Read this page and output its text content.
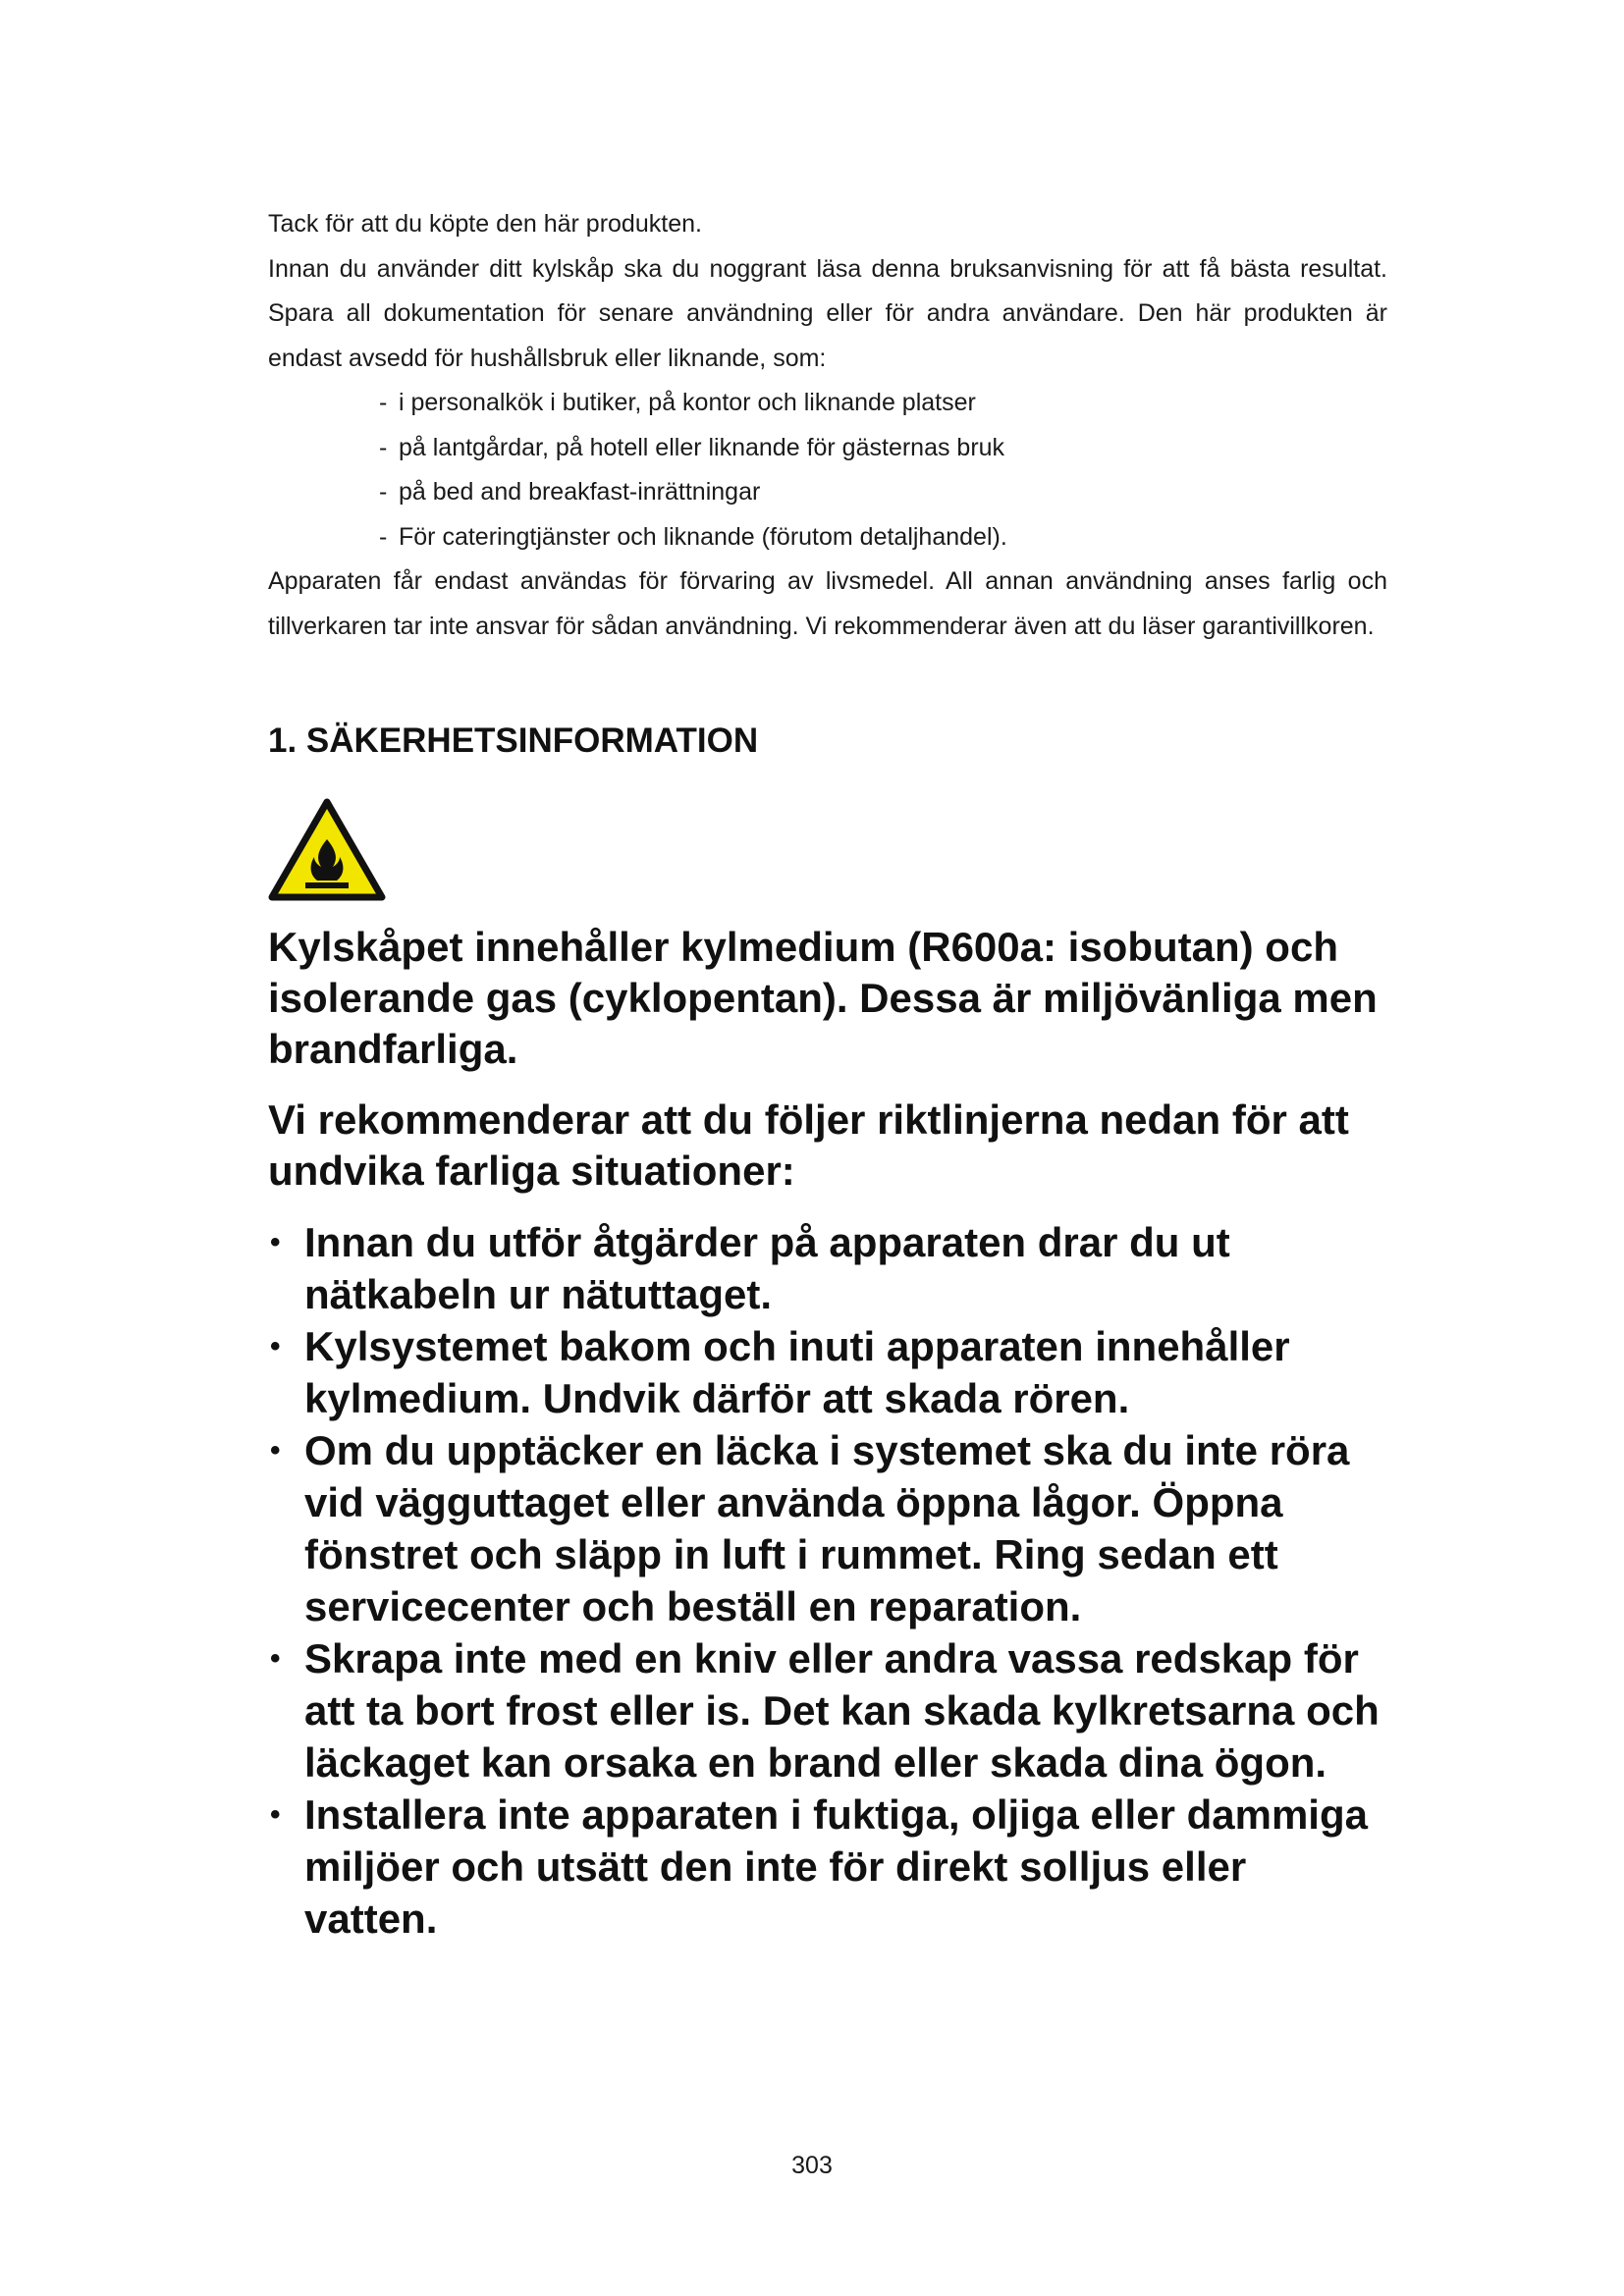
Tack för att du köpte den här produkten.

Innan du använder ditt kylskåp ska du noggrant läsa denna bruksanvisning för att få bästa resultat. Spara all dokumentation för senare användning eller för andra användare. Den här produkten är endast avsedd för hushållsbruk eller liknande, som:

- i personalkök i butiker, på kontor och liknande platser
- på lantgårdar, på hotell eller liknande för gästernas bruk
- på bed and breakfast-inrättningar
- För cateringtjänster och liknande (förutom detaljhandel).

Apparaten får endast användas för förvaring av livsmedel. All annan användning anses farlig och tillverkaren tar inte ansvar för sådan användning. Vi rekommenderar även att du läser garantivillkoren.

1. SÄKERHETSINFORMATION

Kylskåpet innehåller kylmedium (R600a: isobutan) och isolerande gas (cyklopentan). Dessa är miljövänliga men brandfarliga.

Vi rekommenderar att du följer riktlinjerna nedan för att undvika farliga situationer:

• Innan du utför åtgärder på apparaten drar du ut nätkabeln ur nätuttaget.
• Kylsystemet bakom och inuti apparaten innehåller kylmedium. Undvik därför att skada rören.
• Om du upptäcker en läcka i systemet ska du inte röra vid vägguttaget eller använda öppna lågor. Öppna fönstret och släpp in luft i rummet. Ring sedan ett servicecenter och beställ en reparation.
• Skrapa inte med en kniv eller andra vassa redskap för att ta bort frost eller is. Det kan skada kylkretsarna och läckaget kan orsaka en brand eller skada dina ögon.
• Installera inte apparaten i fuktiga, oljiga eller dammiga miljöer och utsätt den inte för direkt solljus eller vatten.
303
